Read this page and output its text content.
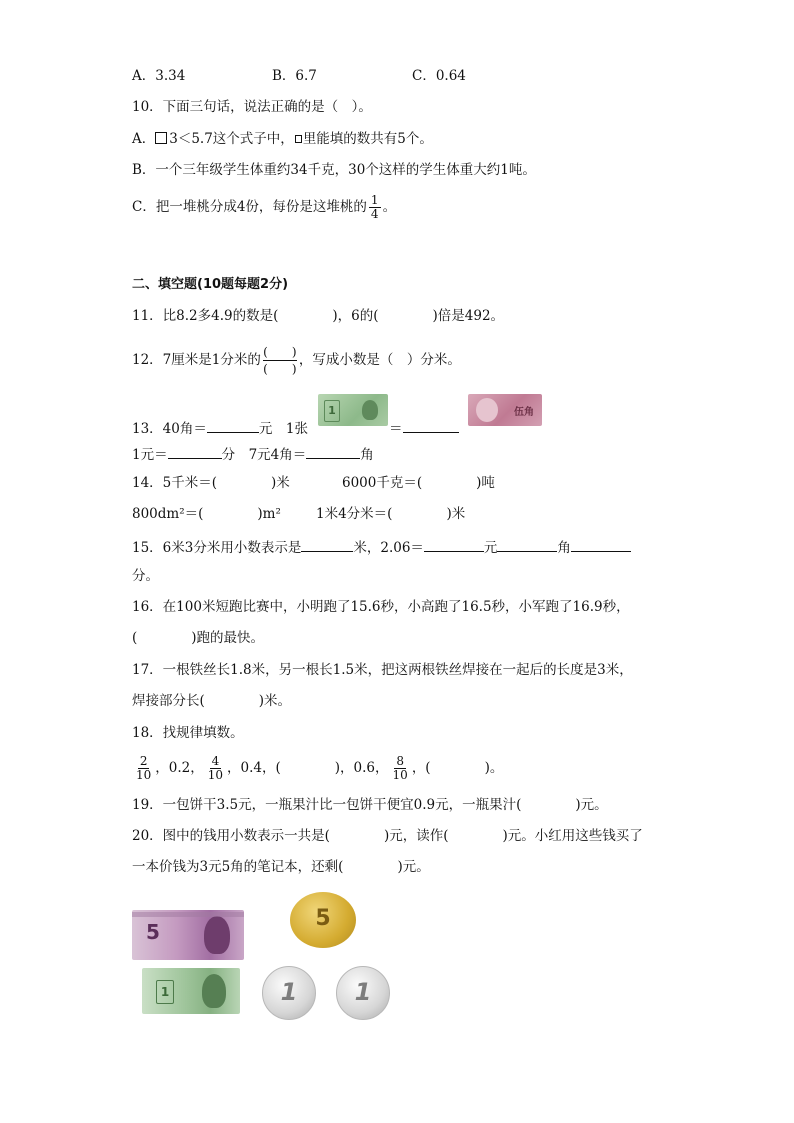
A．3.34	B．6.7	C．0.64
10．下面三句话，说法正确的是（　）。
A． 3＜5.7这个式子中， 里能填的数共有5个。
B．一个三年级学生体重约34千克，30个这样的学生体重大约1吨。
C．把一堆桃分成4份，每份是这堆桃的 $\frac{1}{4}$ 。
二、填空题(10题每题2分)
11．比8.2多4.9的数是(　　　　)，6的(　　　　)倍是492。
12．7厘米是1分米的 $\frac{( )}{( )}$ ，写成小数是（　）分米。
13．40角＝	元　1张
1
＝
伍角
1元＝	分　7元4角＝	角
14．5千米＝(　　　　)米	6000千克＝(　　　　)吨
800dm²＝(　　　　)m²	1米4分米＝(　　　　)米
15．6米3分米用小数表示是	米，2.06＝	元	角
分。
16．在100米短跑比赛中，小明跑了15.6秒，小高跑了16.5秒，小军跑了16.9秒，
(　　　　)跑的最快。
17．一根铁丝长1.8米，另一根长1.5米，把这两根铁丝焊接在一起后的长度是3米，
焊接部分长(　　　　)米。
18．找规律填数。
$\frac{2}{10}$ ，0.2， $\frac{4}{10}$ ，0.4，(　　　　)，0.6， $\frac{8}{10}$ ，(　　　　)。
19．一包饼干3.5元，一瓶果汁比一包饼干便宜0.9元，一瓶果汁(　　　　)元。
20．图中的钱用小数表示一共是(　　　　)元，读作(　　　　)元。小红用这些钱买了
一本价钱为3元5角的笔记本，还剩(　　　　)元。
5
5
1	1	1
